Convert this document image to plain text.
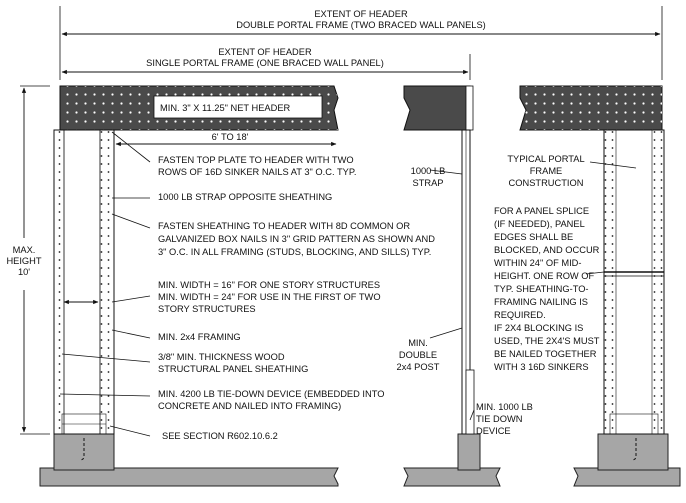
EXTENT OF HEADER
DOUBLE PORTAL FRAME (TWO BRACED WALL PANELS)
EXTENT OF HEADER
SINGLE PORTAL FRAME (ONE BRACED WALL PANEL)
6' TO 18'
MAX.
HEIGHT
10'
MIN. 3" X 11.25" NET HEADER
FASTEN TOP PLATE TO HEADER WITH TWO
ROWS OF 16D SINKER NAILS AT 3" O.C. TYP.
1000 LB STRAP OPPOSITE SHEATHING
FASTEN SHEATHING TO HEADER WITH 8D COMMON OR
GALVANIZED BOX NAILS IN 3" GRID PATTERN AS SHOWN AND
3" O.C. IN ALL FRAMING (STUDS, BLOCKING, AND SILLS) TYP.
MIN. WIDTH = 16" FOR ONE STORY STRUCTURES
MIN. WIDTH = 24" FOR USE IN THE FIRST OF TWO
STORY STRUCTURES
MIN. 2x4 FRAMING
3/8" MIN. THICKNESS WOOD
STRUCTURAL PANEL SHEATHING
MIN. 4200 LB TIE-DOWN DEVICE (EMBEDDED INTO
CONCRETE AND NAILED INTO FRAMING)
SEE SECTION R602.10.6.2
1000 LB
STRAP
MIN.
DOUBLE
2x4 POST
MIN. 1000 LB
TIE DOWN
DEVICE
TYPICAL PORTAL
FRAME
CONSTRUCTION
FOR A PANEL SPLICE
(IF NEEDED), PANEL
EDGES SHALL BE
BLOCKED, AND OCCUR
WITHIN 24" OF MID-
HEIGHT. ONE ROW OF
TYP. SHEATHING-TO-
FRAMING NAILING IS
REQUIRED.
IF 2X4 BLOCKING IS
USED, THE 2X4'S MUST
BE NAILED TOGETHER
WITH 3 16D SINKERS
